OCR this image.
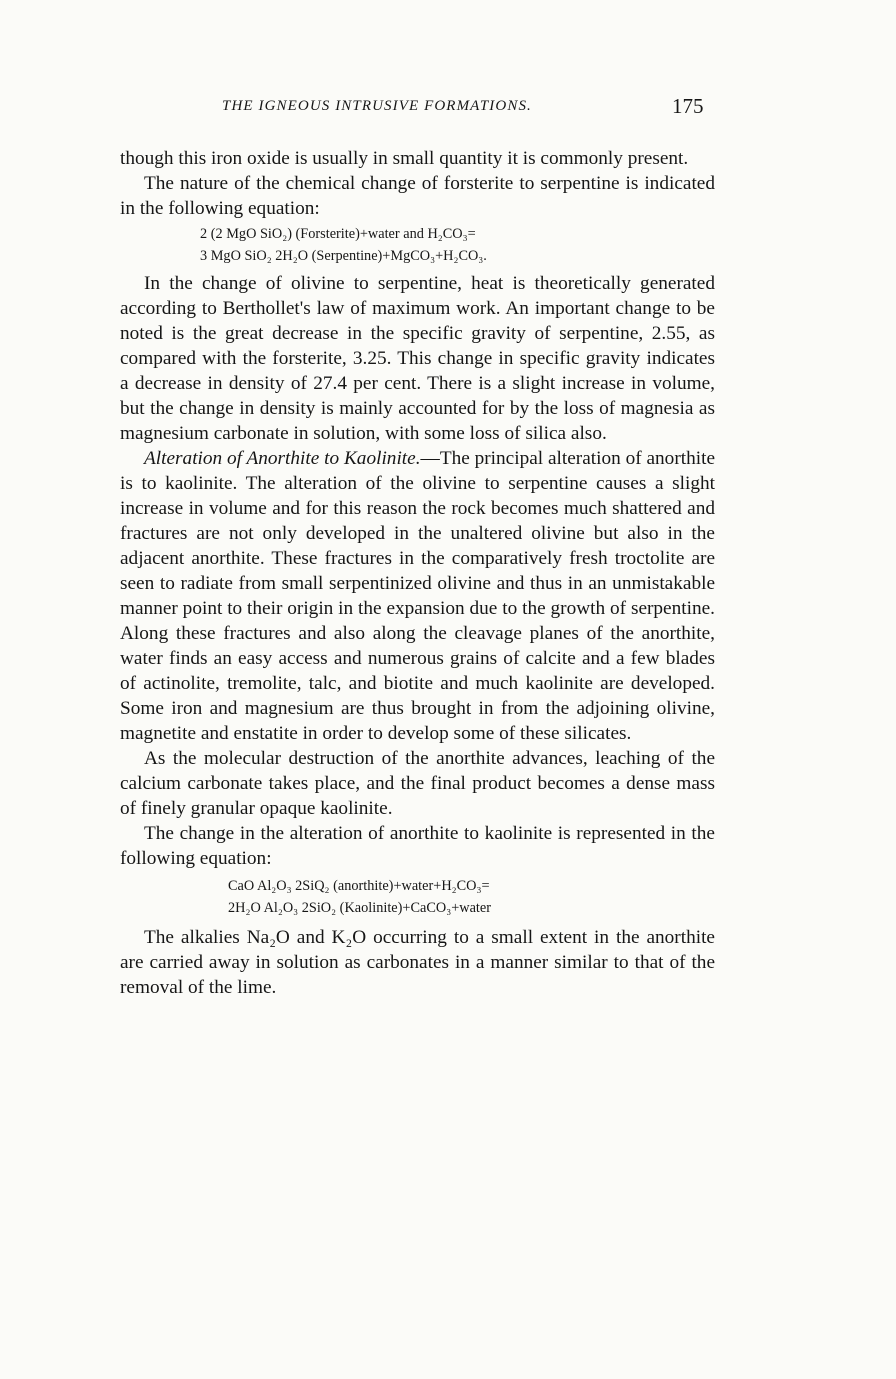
THE IGNEOUS INTRUSIVE FORMATIONS.	175

though this iron oxide is usually in small quantity it is commonly present.

The nature of the chemical change of forsterite to serpentine is indicated in the following equation:

2 (2 MgO SiO₂) (Forsterite)+water and H₂CO₃=
3 MgO SiO₂ 2H₂O (Serpentine)+MgCO₃+H₂CO₃.

In the change of olivine to serpentine, heat is theoretically generated according to Berthollet's law of maximum work. An important change to be noted is the great decrease in the specific gravity of serpentine, 2.55, as compared with the forsterite, 3.25. This change in specific gravity indicates a decrease in density of 27.4 per cent. There is a slight increase in volume, but the change in density is mainly accounted for by the loss of magnesia as magnesium carbonate in solution, with some loss of silica also.

Alteration of Anorthite to Kaolinite.—The principal alteration of anorthite is to kaolinite. The alteration of the olivine to serpentine causes a slight increase in volume and for this reason the rock becomes much shattered and fractures are not only developed in the unaltered olivine but also in the adjacent anorthite. These fractures in the comparatively fresh troctolite are seen to radiate from small serpentinized olivine and thus in an unmistakable manner point to their origin in the expansion due to the growth of serpentine. Along these fractures and also along the cleavage planes of the anorthite, water finds an easy access and numerous grains of calcite and a few blades of actinolite, tremolite, talc, and biotite and much kaolinite are developed. Some iron and magnesium are thus brought in from the adjoining olivine, magnetite and enstatite in order to develop some of these silicates.

As the molecular destruction of the anorthite advances, leaching of the calcium carbonate takes place, and the final product becomes a dense mass of finely granular opaque kaolinite.

The change in the alteration of anorthite to kaolinite is represented in the following equation:

CaO Al₂O₃ 2SiQ₂ (anorthite)+water+H₂CO₃=
2H₂O Al₂O₃ 2SiO₂ (Kaolinite)+CaCO₃+water

The alkalies Na₂O and K₂O occurring to a small extent in the anorthite are carried away in solution as carbonates in a manner similar to that of the removal of the lime.
